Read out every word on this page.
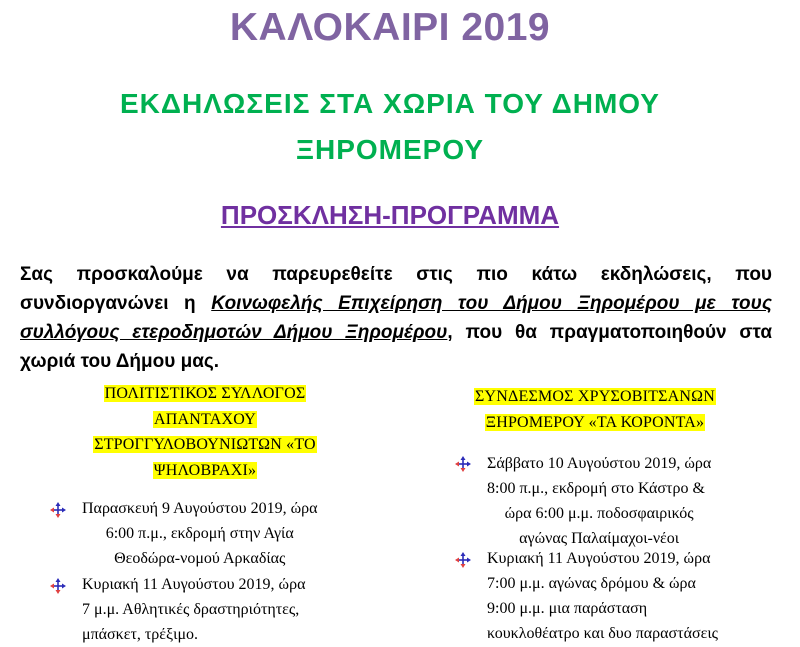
ΚΑΛΟΚΑΙΡΙ 2019
ΕΚΔΗΛΩΣΕΙΣ ΣΤΑ ΧΩΡΙΑ ΤΟΥ ΔΗΜΟΥ
ΞΗΡΟΜΕΡΟΥ
ΠΡΟΣΚΛΗΣΗ-ΠΡΟΓΡΑΜΜΑ
Σας προσκαλούμε να παρευρεθείτε στις πιο κάτω εκδηλώσεις, που συνδιοργανώνει η Κοινωφελής Επιχείρηση του Δήμου Ξηρομέρου με τους συλλόγους ετεροδημοτών Δήμου Ξηρομέρου, που θα πραγματοποιηθούν στα χωριά του Δήμου μας.
ΠΟΛΙΤΙΣΤΙΚΟΣ ΣΥΛΛΟΓΟΣ
ΑΠΑΝΤΑΧΟΥ
ΣΤΡΟΓΓΥΛΟΒΟΥΝΙΩΤΩΝ «ΤΟ
ΨΗΛΟΒΡΑΧΙ»
Παρασκευή 9 Αυγούστου 2019, ώρα
6:00 π.μ., εκδρομή στην Αγία
Θεοδώρα-νομού Αρκαδίας
Κυριακή 11 Αυγούστου 2019, ώρα
7 μ.μ. Αθλητικές δραστηριότητες,
μπάσκετ, τρέξιμο.
ΣΥΝΔΕΣΜΟΣ ΧΡΥΣΟΒΙΤΣΑΝΩΝ
ΞΗΡΟΜΕΡΟΥ «ΤΑ ΚΟΡΟΝΤΑ»
Σάββατο 10 Αυγούστου 2019, ώρα
8:00 π.μ., εκδρομή στο Κάστρο &
ώρα 6:00 μ.μ. ποδοσφαιρικός
αγώνας Παλαίμαχοι-νέοι
Κυριακή 11 Αυγούστου 2019, ώρα
7:00 μ.μ. αγώνας δρόμου & ώρα
9:00 μ.μ. μια παράσταση
κουκλοθέατρο και δυο παραστάσεις
